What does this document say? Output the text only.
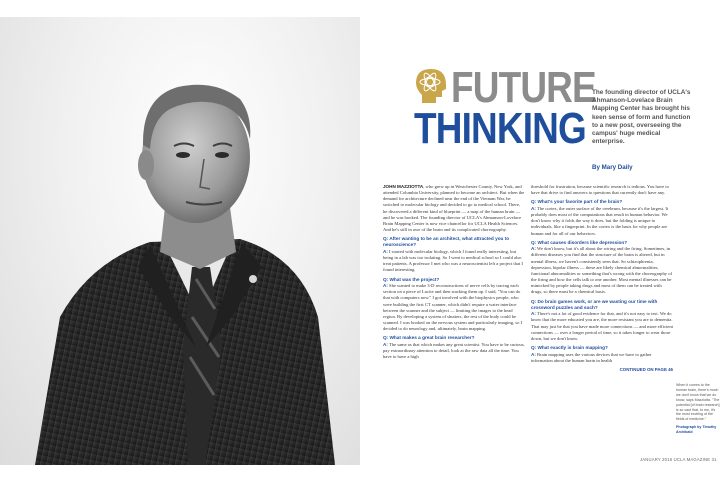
FUTURE
THINKING
The founding director of UCLA's Ahmanson-Lovelace Brain Mapping Center has brought his keen sense of form and function to a new post, overseeing the campus' huge medical enterprise.
By Mary Daily

JOHN MAZZIOTTA, who grew up in Westchester County, New York, and attended Columbia University, planned to become an architect. But when the demand for architecture declined near the end of the Vietnam War, he switched to molecular biology and decided to go to medical school. There, he discovered a different kind of blueprint — a map of the human brain — and he was hooked. The founding director of UCLA's Ahmanson-Lovelace Brain Mapping Center is now vice chancellor for UCLA Health Sciences. And he's still in awe of the brain and its complicated choreography.

Q: After wanting to be an architect, what attracted you to neuroscience?

A: I started with molecular biology, which I found really interesting, but being in a lab was too isolating. So I went to medical school so I could also treat patients. A professor I met who was a neuroscientist left a project that I found interesting.

Q: What was the project?

A: She wanted to make 3-D reconstructions of nerve cells by tracing each section on a piece of Lucite and then stacking them up. I said, "You can do that with computers now." I got involved with the biophysics people, who were building the first CT scanner, which didn't require a water interface between the scanner and the subject — limiting the images to the head region. By developing a system of shutters, the rest of the body could be scanned. I was hooked on the nervous system and particularly imaging, so I decided to do neurology and, ultimately, brain mapping.

Q: What makes a great brain researcher?

A: The same as that which makes any great scientist. You have to be curious, pay extraordinary attention to detail, look at the raw data all the time. You have to have a high

threshold for frustration, because scientific research is tedious. You have to have that drive to find answers to questions that currently don't have any.

Q: What's your favorite part of the brain?

A: The cortex, the outer surface of the cerebrum, because it's the largest. It probably does most of the computations that result in human behavior. We don't know why it folds the way it does, but the folding is unique to individuals, like a fingerprint. In the cortex is the basis for why people are human and for all of our behaviors.

Q: What causes disorders like depression?

A: We don't know, but it's all about the wiring and the firing. Sometimes, in different diseases you find that the structure of the brain is altered, but in mental illness, we haven't consistently seen that. So schizophrenia, depression, bipolar illness — these are likely chemical abnormalities, functional abnormalities or something that's wrong with the choreography of the firing and how the cells talk to one another. Most mental illnesses can be mimicked by people taking drugs and most of them can be treated with drugs, so there must be a chemical basis.

Q: Do brain games work, or are we wasting our time with crossword puzzles and such?

A: There's not a lot of good evidence for that, and it's not easy to test. We do know that the more educated you are, the more resistant you are to dementia. That may just be that you have made more connections — and more efficient connections — over a longer period of time, so it takes longer to wear those down, but we don't know.

Q: What exactly is brain mapping?

A: Brain mapping uses the various devices that we have to gather information about the human brain in health

CONTINUED ON PAGE 46
When it comes to the human brain, there's much we don't know that we do know, says Mazziotta. "The potential [of brain research] is so vast that, to me, it's the most exciting of the fields of medicine."
Photograph by Timothy Archibald
JANUARY 2016 UCLA MAGAZINE 31
